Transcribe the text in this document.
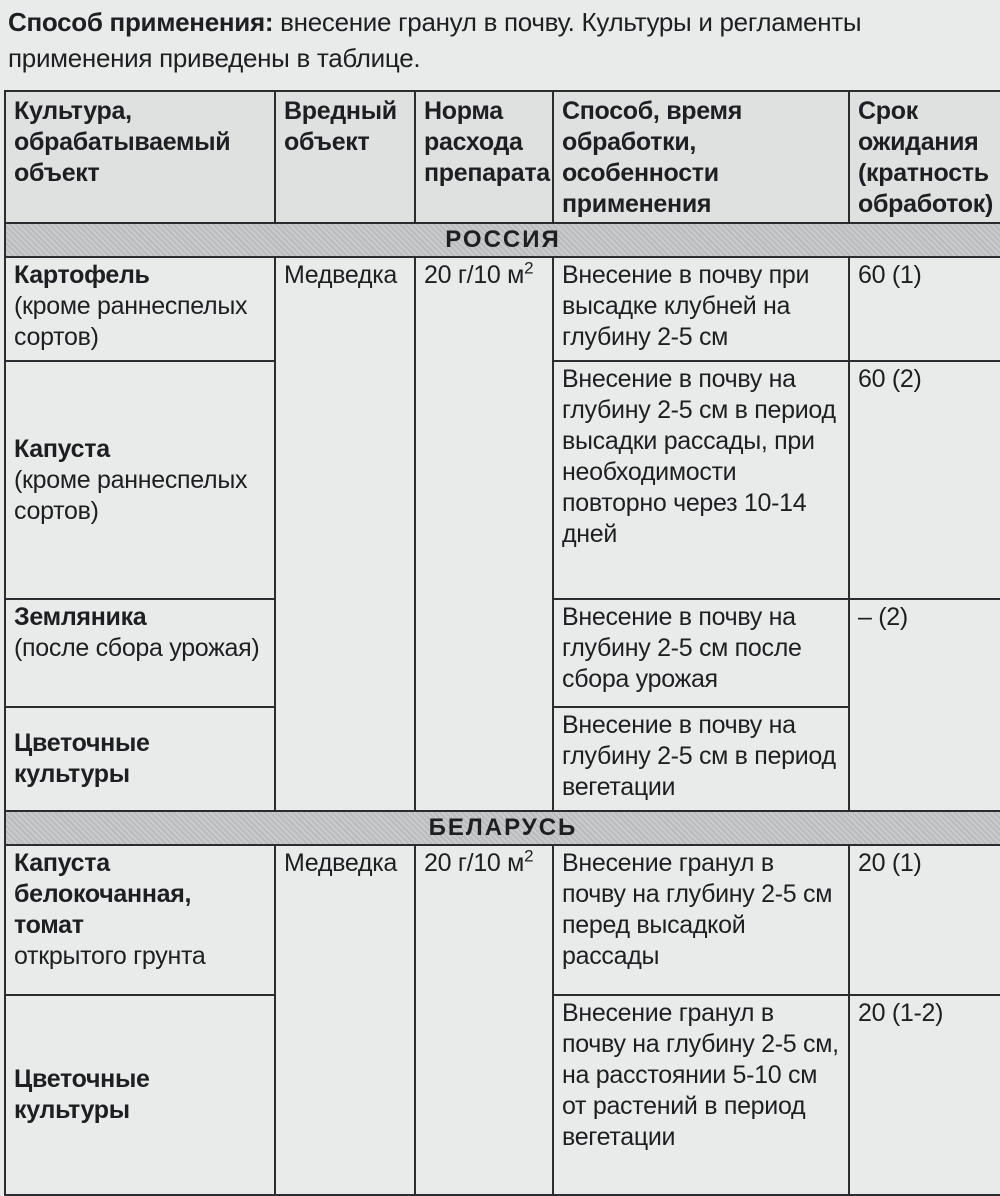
Способ применения: внесение гранул в почву. Культуры и регламенты применения приведены в таблице.
Культура, обрабатываемый объект	Вредный объект	Норма расхода препарата	Способ, время обработки, особенности применения	Срок ожидания (кратность обработок)
РОССИЯ				
Картофель
(кроме раннеспелых сортов)	Медведка	20 г/10 $м^2$	Внесение в почву при высадке клубней на глубину 2-5 см	60 (1)
Капуста
(кроме раннеспелых сортов)			Внесение в почву на глубину 2-5 см в период высадки рассады, при необходимости повторно через 10-14 дней	60 (2)
Земляника
(после сбора урожая)			Внесение в почву на глубину 2-5 см после сбора урожая	– (2)
Цветочные культуры			Внесение в почву на глубину 2-5 см в период вегетации	
БЕЛАРУСЬ				
Капуста белокочанная, томат
открытого грунта	Медведка	20 г/10 $м^2$	Внесение гранул в почву на глубину 2-5 см перед высадкой рассады	20 (1)
Цветочные культуры			Внесение гранул в почву на глубину 2-5 см, на расстоянии 5-10 см от растений в период вегетации	20 (1-2)
